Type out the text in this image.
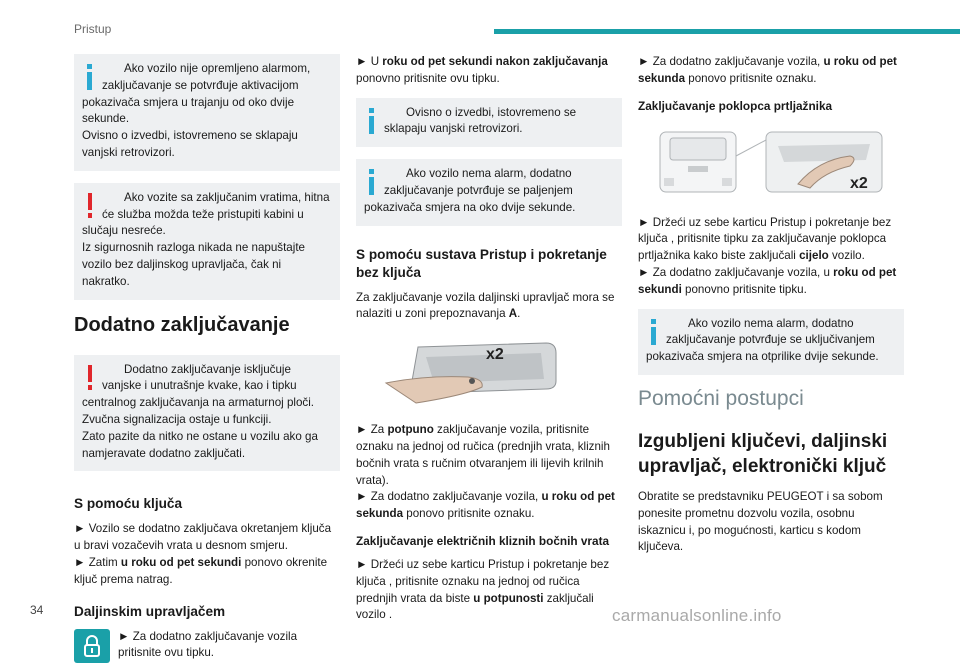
Pristup

Ako vozilo nije opremljeno alarmom, zaključavanje se potvrđuje aktivacijom pokazivača smjera u trajanju od oko dvije sekunde.

Ovisno o izvedbi, istovremeno se sklapaju vanjski retrovizori.

Ako vozite sa zaključanim vratima, hitna će služba možda teže pristupiti kabini u slučaju nesreće.

Iz sigurnosnih razloga nikada ne napuštajte vozilo bez daljinskog upravljača, čak ni nakratko.

Dodatno zaključavanje

Dodatno zaključavanje isključuje vanjske i unutrašnje kvake, kao i tipku centralnog zaključavanja na armaturnoj ploči.

Zvučna signalizacija ostaje u funkciji.

Zato pazite da nitko ne ostane u vozilu ako ga namjeravate dodatno zaključati.

S pomoću ključa
► Vozilo se dodatno zaključava okretanjem ključa u bravi vozačevih vrata u desnom smjeru.
► Zatim u roku od pet sekundi ponovo okrenite ključ prema natrag.
Daljinskim upravljačem
► Za dodatno zaključavanje vozila pritisnite ovu tipku.
► U roku od pet sekundi nakon zaključavanja ponovno pritisnite ovu tipku.

Ovisno o izvedbi, istovremeno se sklapaju vanjski retrovizori.

Ako vozilo nema alarm, dodatno zaključavanje potvrđuje se paljenjem pokazivača smjera na oko dvije sekunde.

S pomoću sustava Pristup i pokretanje bez ključa
Za zaključavanje vozila daljinski upravljač mora se nalaziti u zoni prepoznavanja A.
x2
► Za potpuno zaključavanje vozila, pritisnite oznaku na jednoj od ručica (prednjih vrata, kliznih bočnih vrata s ručnim otvaranjem ili lijevih krilnih vrata).
► Za dodatno zaključavanje vozila, u roku od pet sekunda ponovo pritisnite oznaku.
Zaključavanje električnih kliznih bočnih vrata
► Držeći uz sebe karticu Pristup i pokretanje bez ključa , pritisnite oznaku na jednoj od ručica prednjih vrata da biste u potpunosti zaključali vozilo .
► Za dodatno zaključavanje vozila, u roku od pet sekunda ponovo pritisnite oznaku.
Zaključavanje poklopca prtljažnika
x2
► Držeći uz sebe karticu Pristup i pokretanje bez ključa , pritisnite tipku za zaključavanje poklopca prtljažnika kako biste zaključali cijelo vozilo.
► Za dodatno zaključavanje vozila, u roku od pet sekundi ponovno pritisnite tipku.

Ako vozilo nema alarm, dodatno zaključavanje potvrđuje se uključivanjem pokazivača smjera na otprilike dvije sekunde.

Pomoćni postupci
Izgubljeni ključevi, daljinski upravljač, elektronički ključ
Obratite se predstavniku PEUGEOT i sa sobom ponesite prometnu dozvolu vozila, osobnu iskaznicu i, po mogućnosti, karticu s kodom ključeva.
34	carmanualsonline.info
